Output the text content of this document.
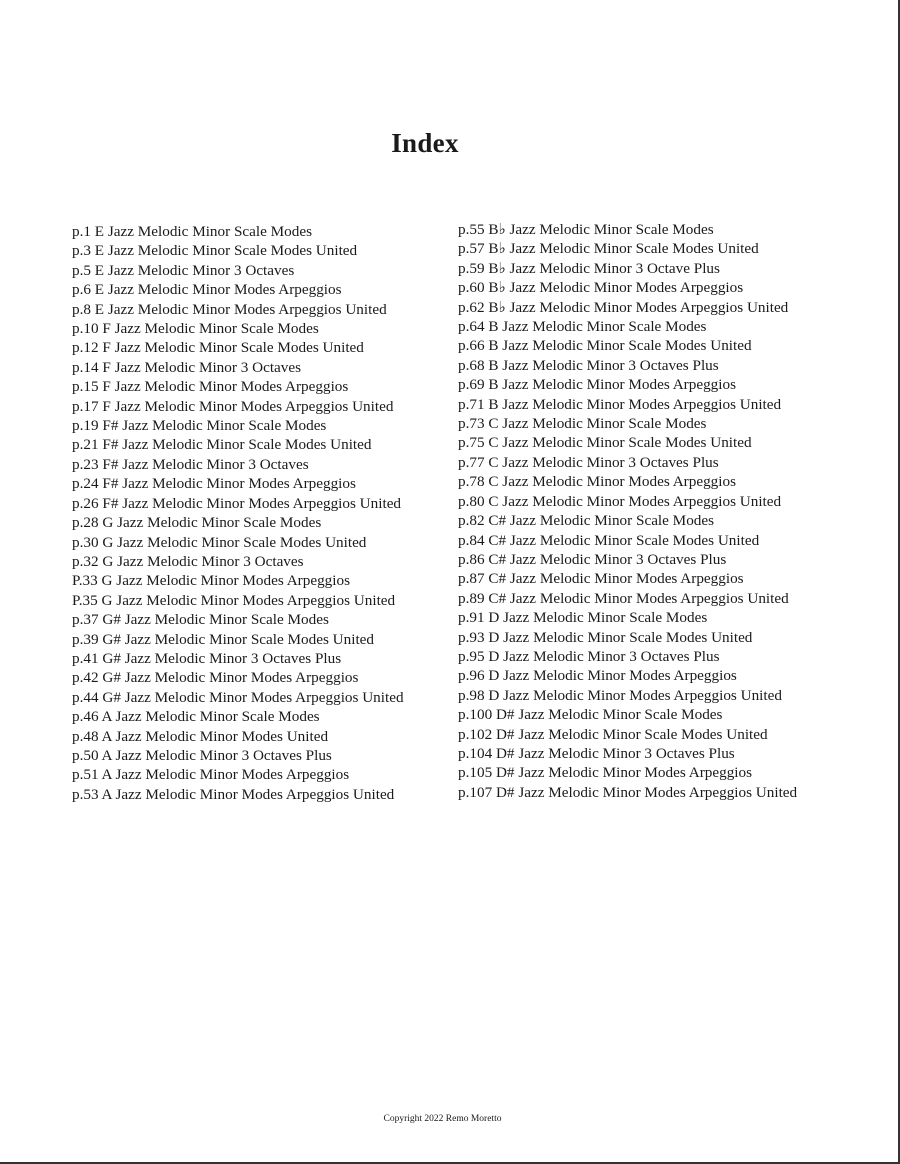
Index
p.1 E Jazz Melodic Minor Scale Modes
p.3 E Jazz Melodic Minor Scale Modes United
p.5 E Jazz Melodic Minor 3 Octaves
p.6 E Jazz Melodic Minor Modes Arpeggios
p.8 E Jazz Melodic Minor Modes Arpeggios United
p.10 F Jazz Melodic Minor Scale Modes
p.12 F Jazz Melodic Minor Scale Modes United
p.14 F Jazz Melodic Minor 3 Octaves
p.15 F Jazz Melodic Minor Modes Arpeggios
p.17 F Jazz Melodic Minor Modes Arpeggios United
p.19 F# Jazz Melodic Minor Scale Modes
p.21 F# Jazz Melodic Minor Scale Modes United
p.23 F# Jazz Melodic Minor 3 Octaves
p.24 F# Jazz Melodic Minor Modes Arpeggios
p.26 F# Jazz Melodic Minor Modes Arpeggios United
p.28 G Jazz Melodic Minor Scale Modes
p.30 G Jazz Melodic Minor Scale Modes United
p.32 G Jazz Melodic Minor 3 Octaves
P.33 G Jazz Melodic Minor Modes Arpeggios
P.35 G Jazz Melodic Minor Modes Arpeggios United
p.37 G# Jazz Melodic Minor Scale Modes
p.39 G# Jazz Melodic Minor Scale Modes United
p.41 G# Jazz Melodic Minor 3 Octaves Plus
p.42 G# Jazz Melodic Minor Modes Arpeggios
p.44 G# Jazz Melodic Minor Modes Arpeggios United
p.46 A Jazz Melodic Minor Scale Modes
p.48 A Jazz Melodic Minor Modes United
p.50 A Jazz Melodic Minor 3 Octaves Plus
p.51 A Jazz Melodic Minor Modes Arpeggios
p.53 A Jazz Melodic Minor Modes Arpeggios United
p.55 B♭ Jazz Melodic Minor Scale Modes
p.57 B♭ Jazz Melodic Minor Scale Modes United
p.59 B♭ Jazz Melodic Minor 3 Octave Plus
p.60 B♭ Jazz Melodic Minor Modes Arpeggios
p.62 B♭ Jazz Melodic Minor Modes Arpeggios United
p.64 B Jazz Melodic Minor Scale Modes
p.66 B Jazz Melodic Minor Scale Modes United
p.68 B Jazz Melodic Minor 3 Octaves Plus
p.69 B Jazz Melodic Minor Modes Arpeggios
p.71 B Jazz Melodic Minor Modes Arpeggios United
p.73 C Jazz Melodic Minor Scale Modes
p.75 C Jazz Melodic Minor Scale Modes United
p.77 C Jazz Melodic Minor 3 Octaves Plus
p.78 C Jazz Melodic Minor Modes Arpeggios
p.80 C Jazz Melodic Minor Modes Arpeggios United
p.82 C# Jazz Melodic Minor Scale Modes
p.84 C# Jazz Melodic Minor Scale Modes United
p.86 C# Jazz Melodic Minor 3 Octaves Plus
p.87 C# Jazz Melodic Minor Modes Arpeggios
p.89 C# Jazz Melodic Minor Modes Arpeggios United
p.91 D Jazz Melodic Minor Scale Modes
p.93 D Jazz Melodic Minor Scale Modes United
p.95 D Jazz Melodic Minor 3 Octaves Plus
p.96 D Jazz Melodic Minor Modes Arpeggios
p.98 D Jazz Melodic Minor Modes Arpeggios United
p.100 D# Jazz Melodic Minor Scale Modes
p.102 D# Jazz Melodic Minor Scale Modes United
p.104 D# Jazz Melodic Minor 3 Octaves Plus
p.105 D# Jazz Melodic Minor Modes Arpeggios
p.107 D# Jazz Melodic Minor Modes Arpeggios United
Copyright 2022 Remo Moretto
